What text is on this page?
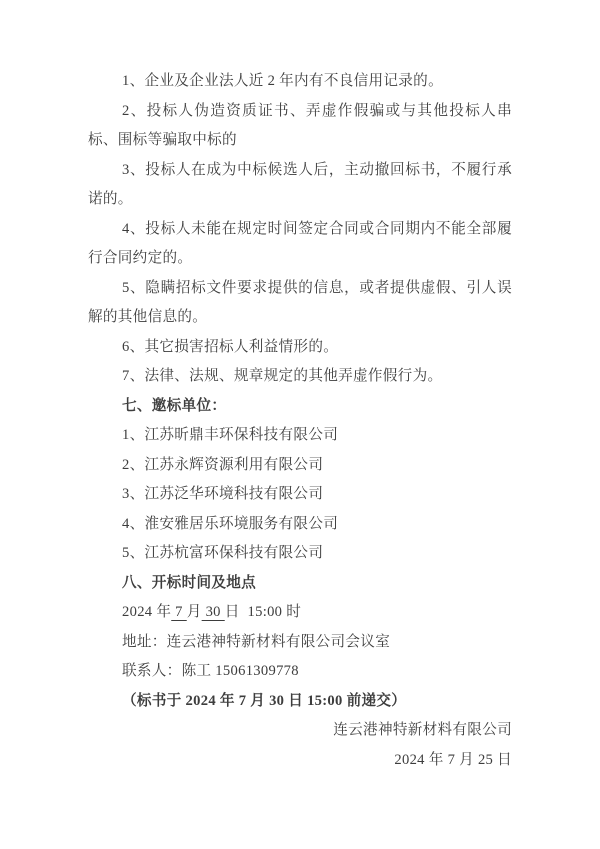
1、企业及企业法人近 2 年内有不良信用记录的。

2、投标人伪造资质证书、弄虚作假骗或与其他投标人串标、围标等骗取中标的

3、投标人在成为中标候选人后，主动撤回标书，不履行承诺的。

4、投标人未能在规定时间签定合同或合同期内不能全部履行合同约定的。

5、隐瞒招标文件要求提供的信息，或者提供虚假、引人误解的其他信息的。

6、其它损害招标人利益情形的。

7、法律、法规、规章规定的其他弄虚作假行为。

七、邀标单位：

1、江苏昕鼎丰环保科技有限公司

2、江苏永辉资源利用有限公司

3、江苏泛华环境科技有限公司

4、淮安雅居乐环境服务有限公司

5、江苏杭富环保科技有限公司

八、开标时间及地点

2024 年 7 月 30 日  15:00 时

地址：连云港神特新材料有限公司会议室

联系人：陈工 15061309778

（标书于 2024 年 7 月 30 日 15:00 前递交）

连云港神特新材料有限公司

2024 年 7 月 25 日
